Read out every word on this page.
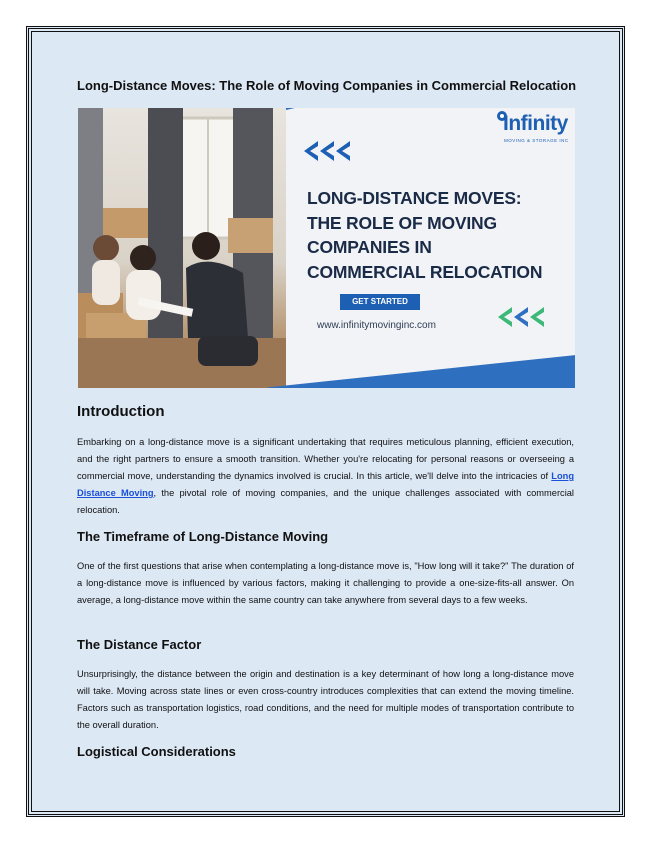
Long-Distance Moves: The Role of Moving Companies in Commercial Relocation
LONG-DISTANCE MOVES:
THE ROLE OF MOVING
COMPANIES IN
COMMERCIAL RELOCATION
GET STARTED
www.infinitymovinginc.com
Infinity
MOVING & STORAGE INC
Introduction
Embarking on a long-distance move is a significant undertaking that requires meticulous planning, efficient execution, and the right partners to ensure a smooth transition. Whether you're relocating for personal reasons or overseeing a commercial move, understanding the dynamics involved is crucial. In this article, we'll delve into the intricacies of Long Distance Moving, the pivotal role of moving companies, and the unique challenges associated with commercial relocation.
The Timeframe of Long-Distance Moving
One of the first questions that arise when contemplating a long-distance move is, "How long will it take?" The duration of a long-distance move is influenced by various factors, making it challenging to provide a one-size-fits-all answer. On average, a long-distance move within the same country can take anywhere from several days to a few weeks.
The Distance Factor
Unsurprisingly, the distance between the origin and destination is a key determinant of how long a long-distance move will take. Moving across state lines or even cross-country introduces complexities that can extend the moving timeline. Factors such as transportation logistics, road conditions, and the need for multiple modes of transportation contribute to the overall duration.
Logistical Considerations
